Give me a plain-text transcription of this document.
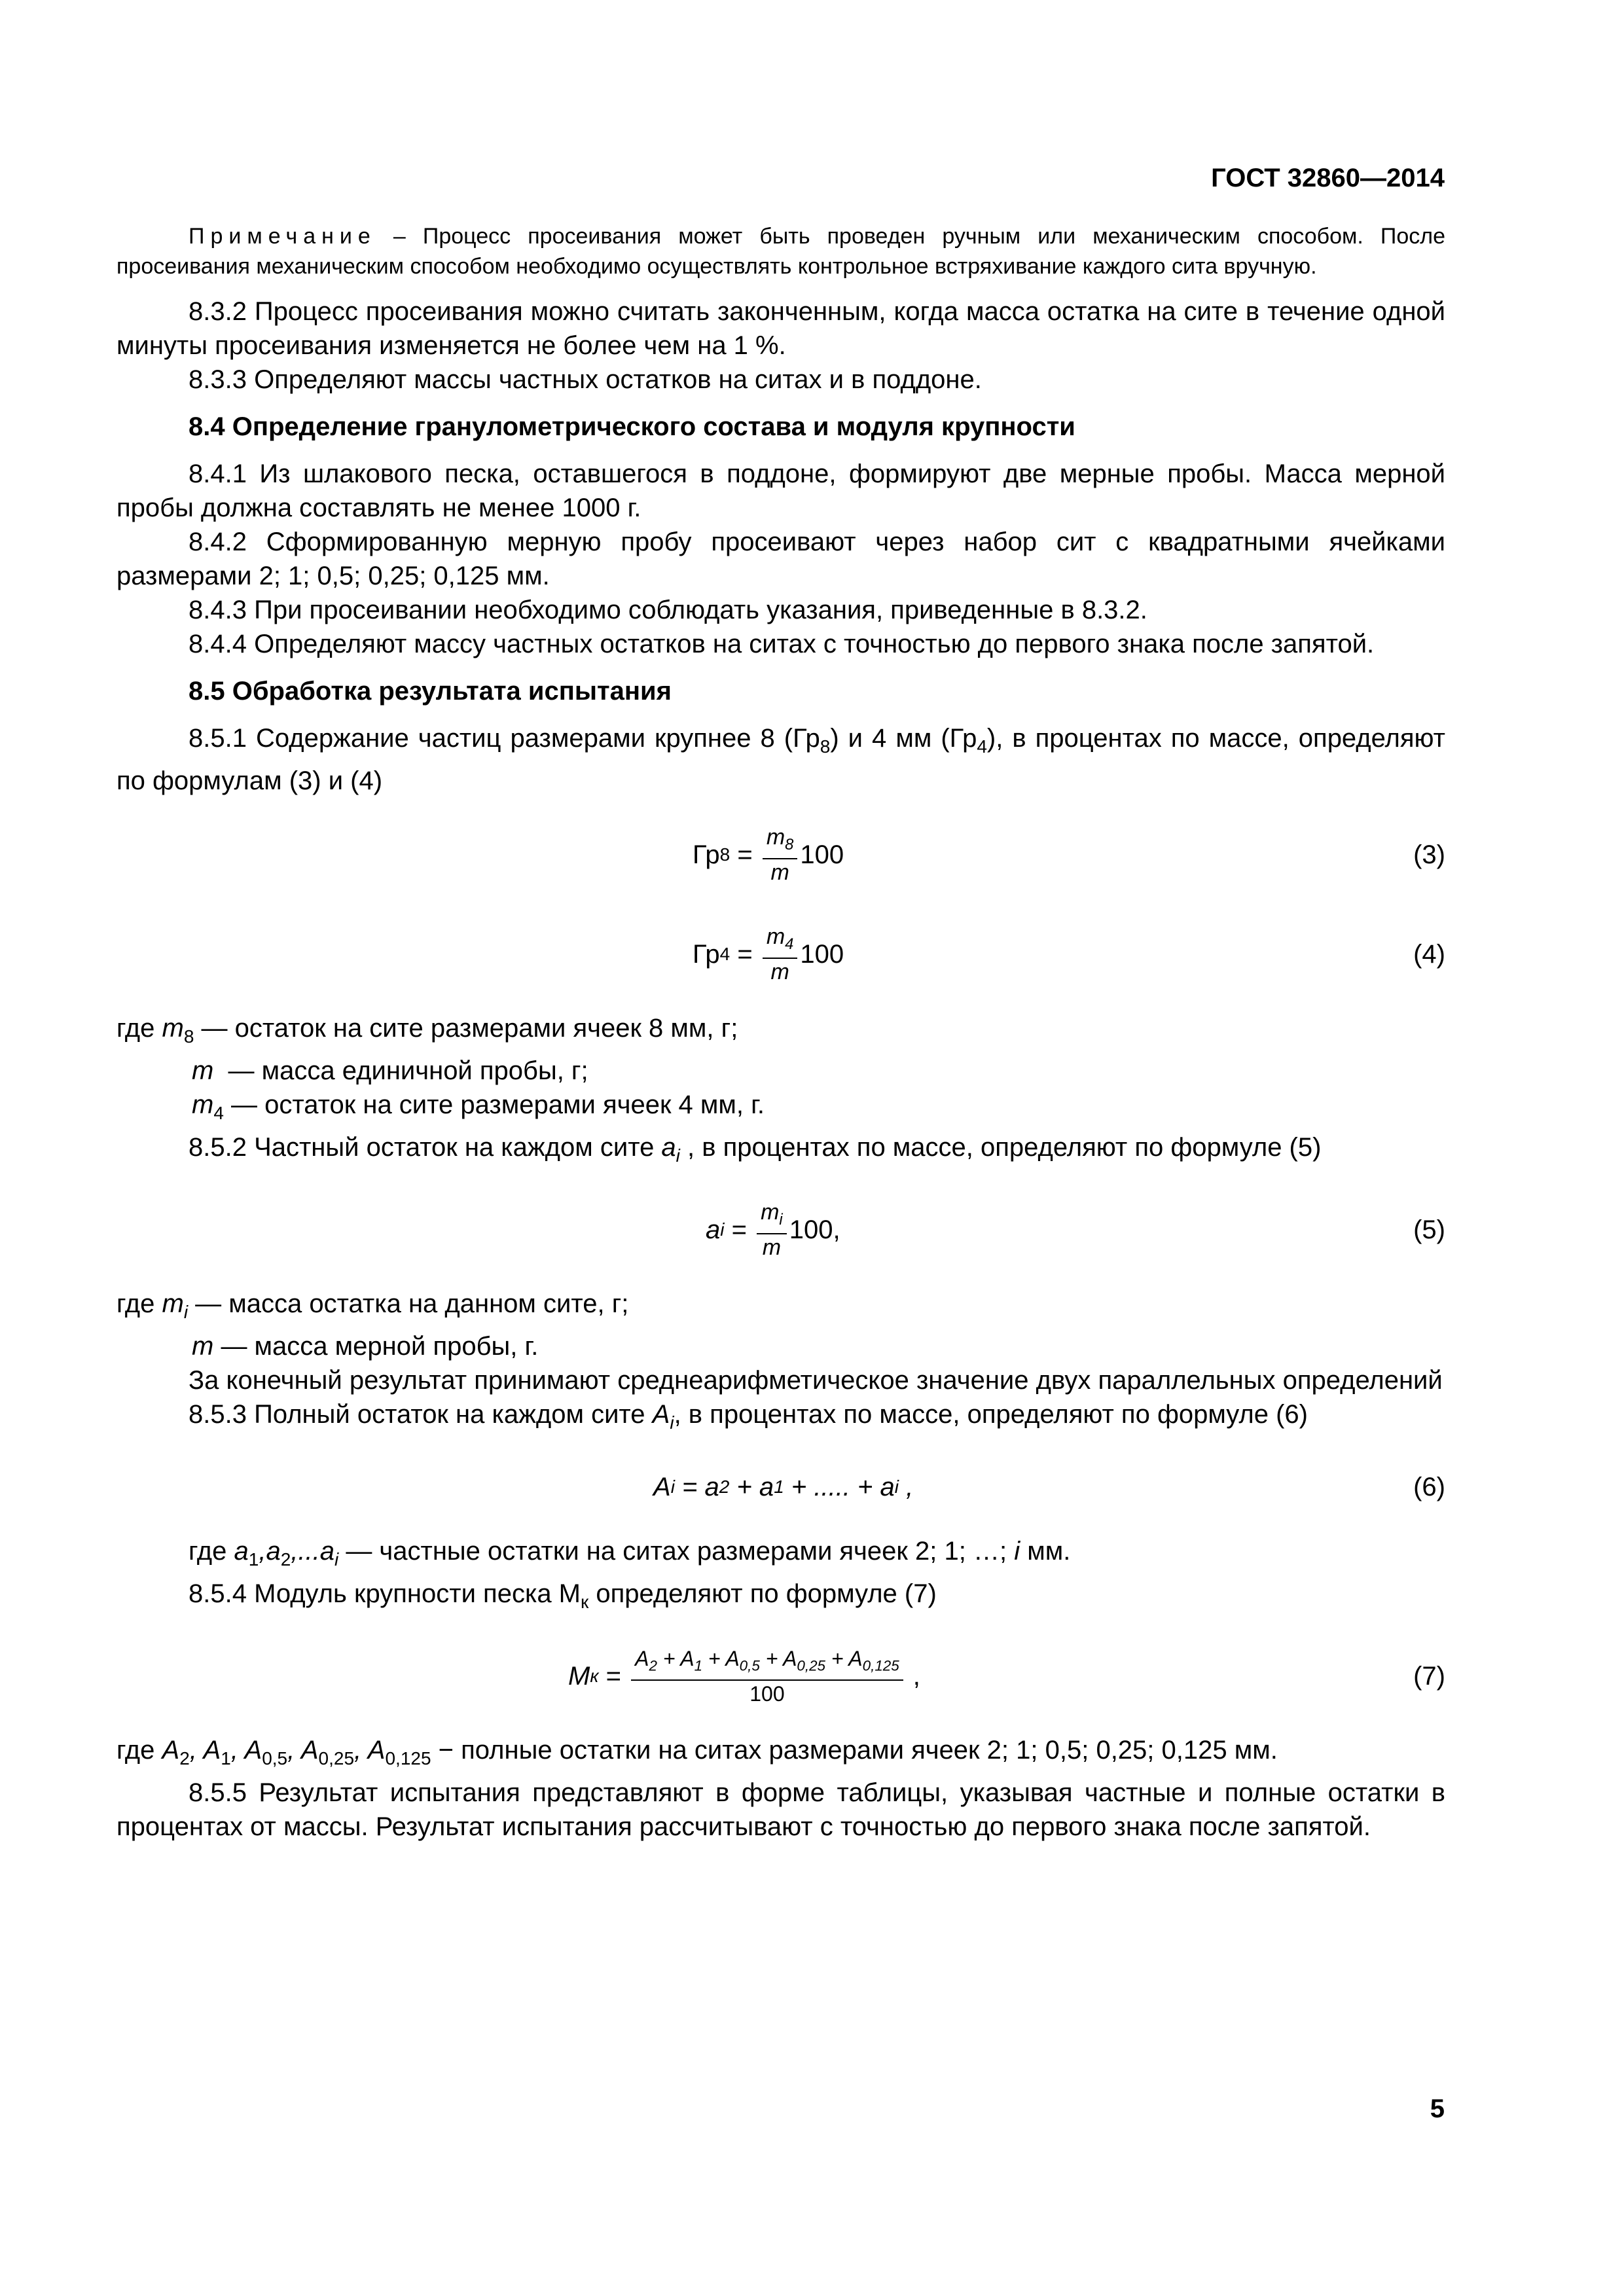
ГОСТ 32860—2014

Примечание – Процесс просеивания может быть проведен ручным или механическим способом. После просеивания механическим способом необходимо осуществлять контрольное встряхивание каждого сита вручную.

8.3.2 Процесс просеивания можно считать законченным, когда масса остатка на сите в течение одной минуты просеивания изменяется не более чем на 1 %.

8.3.3 Определяют массы частных остатков на ситах и в поддоне.

8.4 Определение гранулометрического состава и модуля крупности

8.4.1 Из шлакового песка, оставшегося в поддоне, формируют две мерные пробы. Масса мерной пробы должна составлять не менее 1000 г.

8.4.2 Сформированную мерную пробу просеивают через набор сит с квадратными ячейками размерами 2; 1; 0,5; 0,25; 0,125 мм.

8.4.3 При просеивании необходимо соблюдать указания, приведенные в 8.3.2.

8.4.4 Определяют массу частных остатков на ситах с точностью до первого знака после запятой.

8.5 Обработка результата испытания

8.5.1 Содержание частиц размерами крупнее 8 $(Гр_8)$ и 4 мм $(Гр_4)$, в процентах по массе, определяют по формулам (3) и (4)

Гр $8 = \frac{m_8}{m} 100$	(3)
Гр $4 = \frac{m_4}{m} 100$	(4)

где $m_8$ — остаток на сите размерами ячеек 8 мм, г;

m  — масса единичной пробы, г;

$m_4$ — остаток на сите размерами ячеек 4 мм, г.

8.5.2 Частный остаток на каждом сите $a_i$ , в процентах по массе, определяют по формуле (5)

a $i = \frac{m_i}{m} 100$,	(5)

где $m_i$ — масса остатка на данном сите, г;

m — масса мерной пробы, г.

За конечный результат принимают среднеарифметическое значение двух параллельных определений

8.5.3 Полный остаток на каждом сите $A_i$, в процентах по массе, определяют по формуле (6)

A i = a 2 + a 1 + ..... + a i ,	(6)

где $a_1,a_2,...a_i$ — частные остатки на ситах размерами ячеек 2; 1; …; i мм.

8.5.4 Модуль крупности песка $М_к$ определяют по формуле (7)

M $к = \frac{A_2 + A_1 + A_{0,5} + A_{0,25} + A_{0,125}}{100}$ ,	(7)

где $A_2$, $A_1$, $A_{0,5}$, $A_{0,25}$, $A_{0,125}$ − полные остатки на ситах размерами ячеек 2; 1; 0,5; 0,25; 0,125 мм.

8.5.5 Результат испытания представляют в форме таблицы, указывая частные и полные остатки в процентах от массы. Результат испытания рассчитывают с точностью до первого знака после запятой.

5
